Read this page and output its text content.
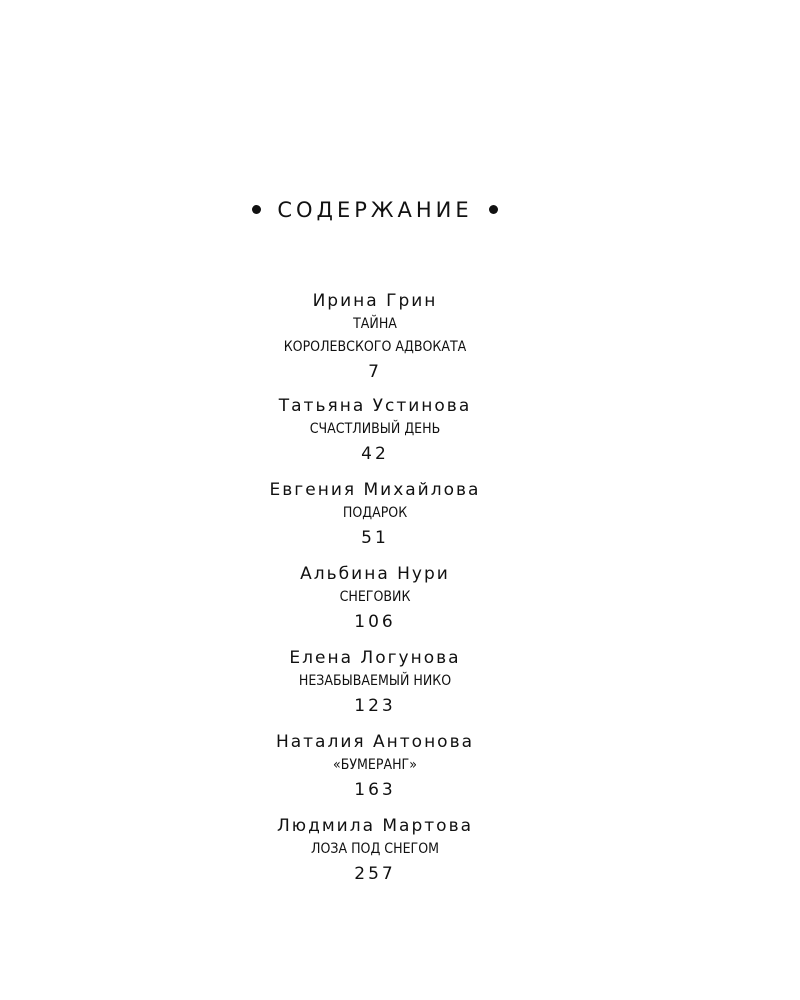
СОДЕРЖАНИЕ
Ирина Грин
ТАЙНА
КОРОЛЕВСКОГО АДВОКАТА
7
Татьяна Устинова
СЧАСТЛИВЫЙ ДЕНЬ
42
Евгения Михайлова
ПОДАРОК
51
Альбина Нури
СНЕГОВИК
106
Елена Логунова
НЕЗАБЫВАЕМЫЙ НИКО
123
Наталия Антонова
«БУМЕРАНГ»
163
Людмила Мартова
ЛОЗА ПОД СНЕГОМ
257
